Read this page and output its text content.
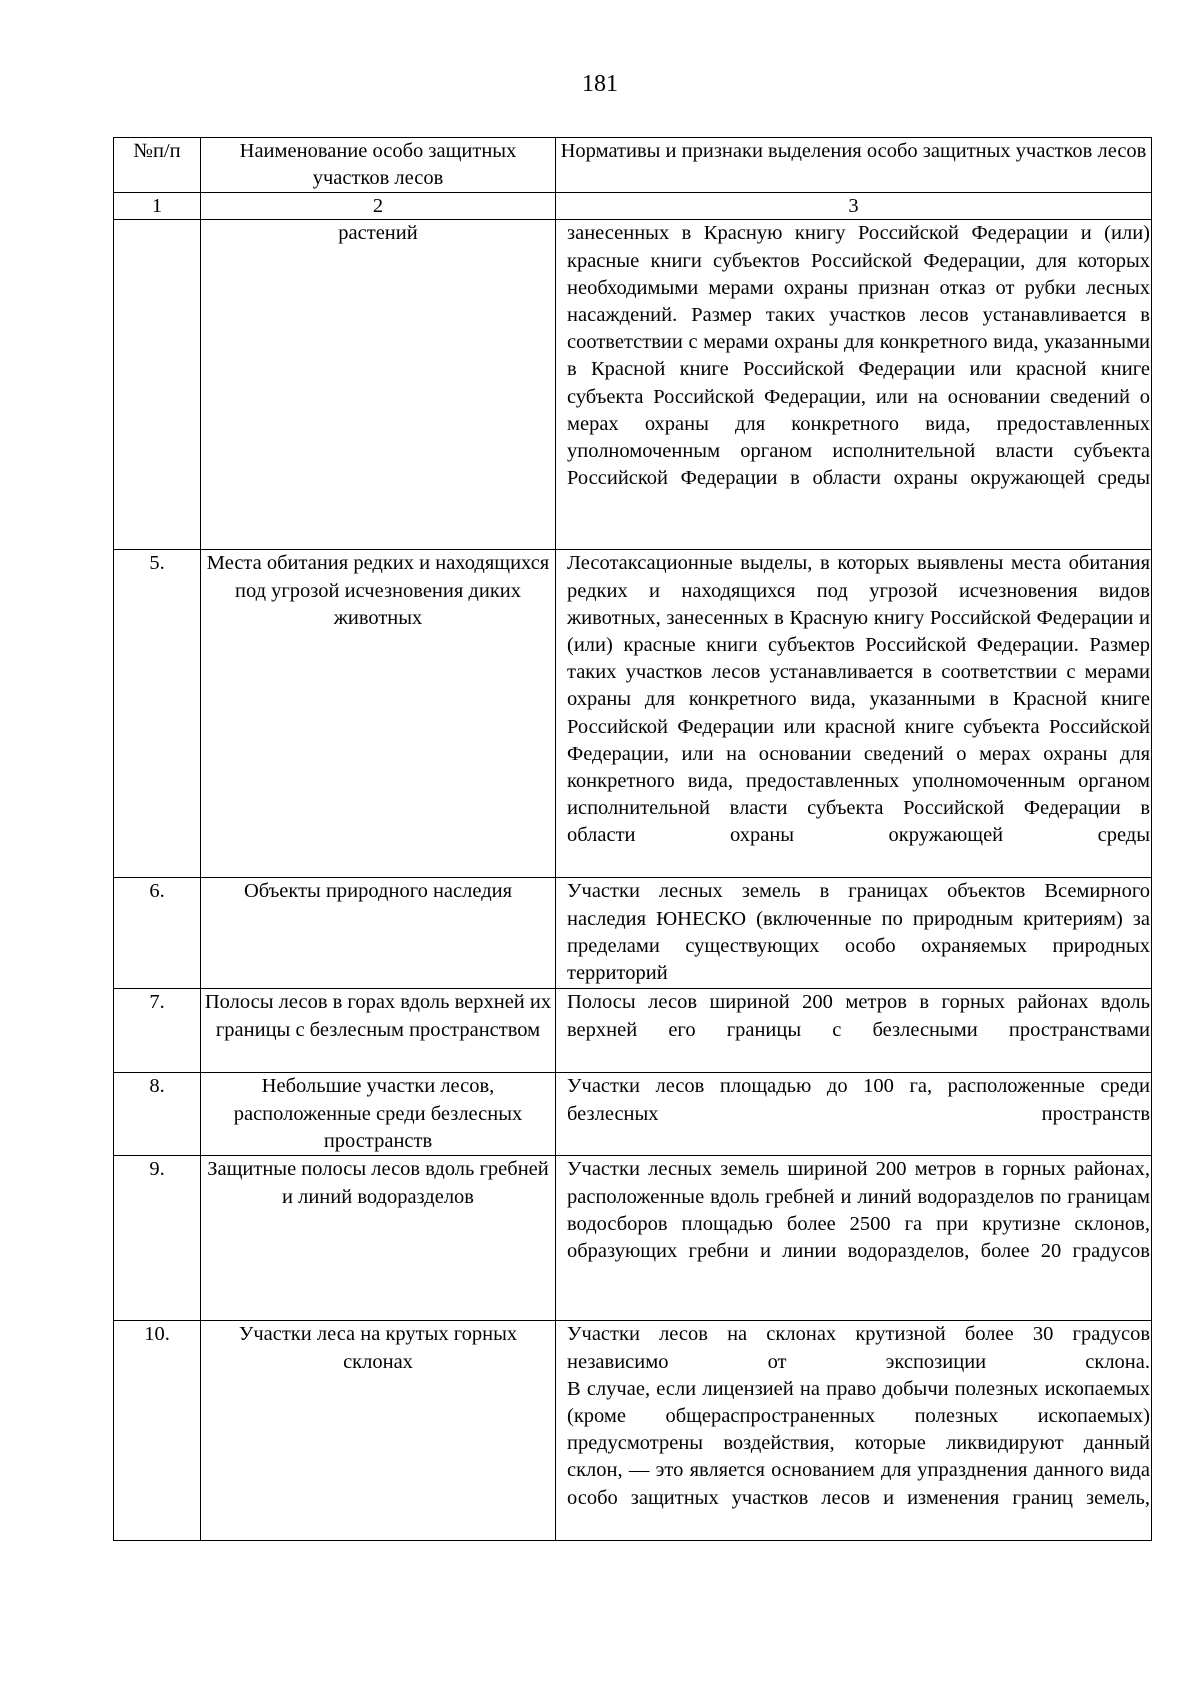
181
№п/п	Наименование особо защитных участков лесов	Нормативы и признаки выделения особо защитных участков лесов
1	2	3
	растений	занесенных в Красную книгу Российской Федерации и (или) красные книги субъектов Российской Федерации, для которых необходимыми мерами охраны признан отказ от рубки лесных насаждений. Размер таких участков лесов устанавливается в соответствии с мерами охраны для конкретного вида, указанными в Красной книге Российской Федерации или красной книге субъекта Российской Федерации, или на основании сведений о мерах охраны для конкретного вида, предоставленных уполномоченным органом исполнительной власти субъекта Российской Федерации в области охраны окружающей среды
5.	Места обитания редких и находящихся под угрозой исчезновения диких животных	Лесотаксационные выделы, в которых выявлены места обитания редких и находящихся под угрозой исчезновения видов животных, занесенных в Красную книгу Российской Федерации и (или) красные книги субъектов Российской Федерации. Размер таких участков лесов устанавливается в соответствии с мерами охраны для конкретного вида, указанными в Красной книге Российской Федерации или красной книге субъекта Российской Федерации, или на основании сведений о мерах охраны для конкретного вида, предоставленных уполномоченным органом исполнительной власти субъекта Российской Федерации в области охраны окружающей среды
6.	Объекты природного наследия	Участки лесных земель в границах объектов Всемирного наследия ЮНЕСКО (включенные по природным критериям) за пределами существующих особо охраняемых природных территорий
7.	Полосы лесов в горах вдоль верхней их границы с безлесным пространством	Полосы лесов шириной 200 метров в горных районах вдоль верхней его границы с безлесными пространствами
8.	Небольшие участки лесов, расположенные среди безлесных пространств	Участки лесов площадью до 100 га, расположенные среди безлесных пространств
9.	Защитные полосы лесов вдоль гребней и линий водоразделов	Участки лесных земель шириной 200 метров в горных районах, расположенные вдоль гребней и линий водоразделов по границам водосборов площадью более 2500 га при крутизне склонов, образующих гребни и линии водоразделов, более 20 градусов
10.	Участки леса на крутых горных склонах	Участки лесов на склонах крутизной более 30 градусов независимо от экспозиции склона.

В случае, если лицензией на право добычи полезных ископаемых (кроме общераспространенных полезных ископаемых) предусмотрены воздействия, которые ликвидируют данный склон, — это является основанием для упразднения данного вида особо защитных участков лесов и изменения границ земель,
